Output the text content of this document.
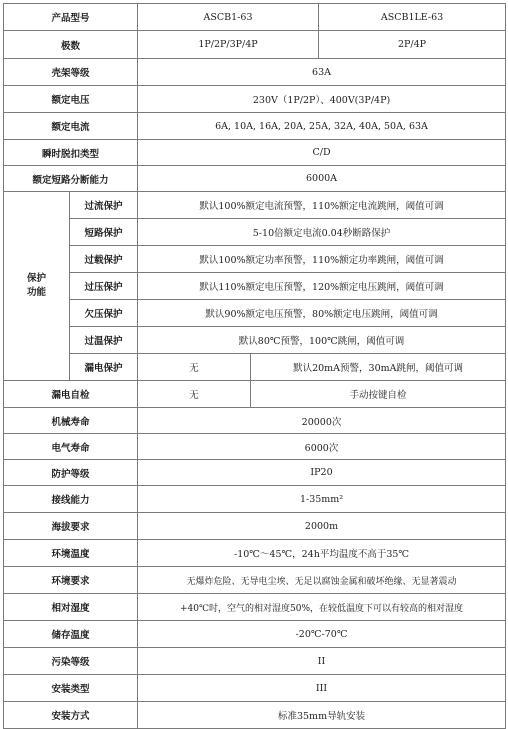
产品型号		ASCB1-63 ASCB1LE-63	

极数		1P/2P/3P/4P 2P/4P	

壳架等级		63A	
额定电压		230V（1P/2P）、400V(3P/4P)	
额定电流		6A, 10A, 16A, 20A, 25A, 32A, 40A, 50A, 63A	
瞬时脱扣类型		C/D	
额定短路分断能力		6000A	
保护
功能	过流保护	默认100%额定电流预警，110%额定电流跳闸，阈值可调	
	短路保护	5-10倍额定电流0.04秒断路保护	
	过载保护	默认100%额定功率预警，110%额定功率跳闸，阈值可调	
	过压保护	默认110%额定电压预警，120%额定电压跳闸，阈值可调	
	欠压保护	默认90%额定电压预警，80%额定电压跳闸，阈值可调	
	过温保护	默认80℃预警，100℃跳闸，阈值可调	
	漏电保护	无	默认20mA预警，30mA跳闸，阈值可调
漏电自检		无	手动按键自检
机械寿命		20000次	
电气寿命		6000次	
防护等级		IP20	
接线能力		1-35mm²	
海拔要求		2000m	
环境温度		-10℃～45℃，24h平均温度不高于35℃	
环境要求		无爆炸危险、无导电尘埃、无足以腐蚀金属和破坏绝缘、无显著震动	
相对湿度		+40℃时，空气的相对湿度50%，在较低温度下可以有较高的相对湿度	
储存温度		-20℃-70℃	
污染等级		II	
安装类型		III	
安装方式		标准35mm导轨安装	
